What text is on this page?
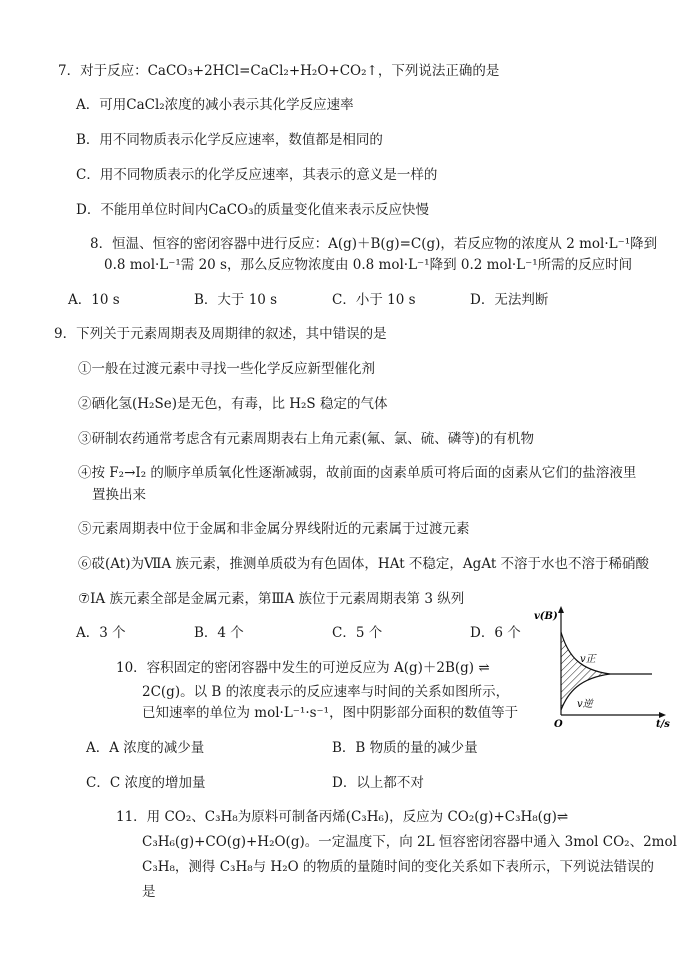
7．对于反应：CaCO₃+2HCl=CaCl₂+H₂O+CO₂↑，下列说法正确的是
A．可用CaCl₂浓度的减小表示其化学反应速率
B．用不同物质表示化学反应速率，数值都是相同的
C．用不同物质表示的化学反应速率，其表示的意义是一样的
D．不能用单位时间内CaCO₃的质量变化值来表示反应快慢
8．恒温、恒容的密闭容器中进行反应：A(g)＋B(g)=C(g)，若反应物的浓度从 2 mol·L⁻¹降到
0.8 mol·L⁻¹需 20 s，那么反应物浓度由 0.8 mol·L⁻¹降到 0.2 mol·L⁻¹所需的反应时间
A．10 s	B．大于 10 s	C．小于 10 s	D．无法判断
9．下列关于元素周期表及周期律的叙述，其中错误的是
①一般在过渡元素中寻找一些化学反应新型催化剂
②硒化氢(H₂Se)是无色，有毒，比 H₂S 稳定的气体
③研制农药通常考虑含有元素周期表右上角元素(氟、氯、硫、磷等)的有机物
④按 F₂→I₂ 的顺序单质氧化性逐渐减弱，故前面的卤素单质可将后面的卤素从它们的盐溶液里
置换出来
⑤元素周期表中位于金属和非金属分界线附近的元素属于过渡元素
⑥砹(At)为ⅦA 族元素，推测单质砹为有色固体，HAt 不稳定，AgAt 不溶于水也不溶于稀硝酸
⑦ⅠA 族元素全部是金属元素，第ⅢA 族位于元素周期表第 3 纵列
A．3 个	B．4 个	C．5 个	D．6 个
10．容积固定的密闭容器中发生的可逆反应为 A(g)＋2B(g) ⇌
2C(g)。以 B 的浓度表示的反应速率与时间的关系如图所示，
已知速率的单位为 mol·L⁻¹·s⁻¹，图中阴影部分面积的数值等于
A．A 浓度的减少量	B．B 物质的量的减少量
C．C 浓度的增加量	D．以上都不对
v(B)
O	t/s
v正
v逆
11．用 CO₂、C₃H₈为原料可制备丙烯(C₃H₆)，反应为 CO₂(g)+C₃H₈(g)⇌
C₃H₆(g)+CO(g)+H₂O(g)。一定温度下，向 2L 恒容密闭容器中通入 3mol CO₂、2mol
C₃H₈，测得 C₃H₈与 H₂O 的物质的量随时间的变化关系如下表所示，下列说法错误的
是
